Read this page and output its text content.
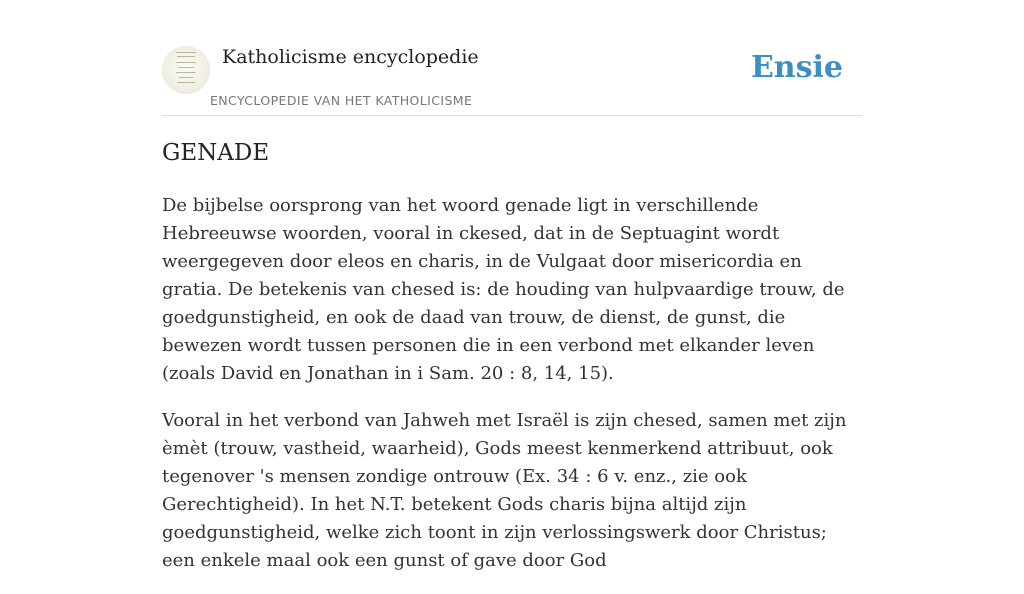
Katholicisme encyclopedie
ENCYCLOPEDIE VAN HET KATHOLICISME
Ensie
GENADE

De bijbelse oorsprong van het woord genade ligt in verschillende Hebreeuwse woorden, vooral in ckesed, dat in de Septuagint wordt weergegeven door eleos en charis, in de Vulgaat door misericordia en gratia. De betekenis van chesed is: de houding van hulpvaardige trouw, de goedgunstigheid, en ook de daad van trouw, de dienst, de gunst, die bewezen wordt tussen personen die in een verbond met elkander leven (zoals David en Jonathan in i Sam. 20 : 8, 14, 15).

Vooral in het verbond van Jahweh met Israël is zijn chesed, samen met zijn èmèt (trouw, vastheid, waarheid), Gods meest kenmerkend attribuut, ook tegenover 's mensen zondige ontrouw (Ex. 34 : 6 v. enz., zie ook Gerechtigheid). In het N.T. betekent Gods charis bijna altijd zijn goedgunstigheid, welke zich toont in zijn verlossingswerk door Christus; een enkele maal ook een gunst of gave door God
